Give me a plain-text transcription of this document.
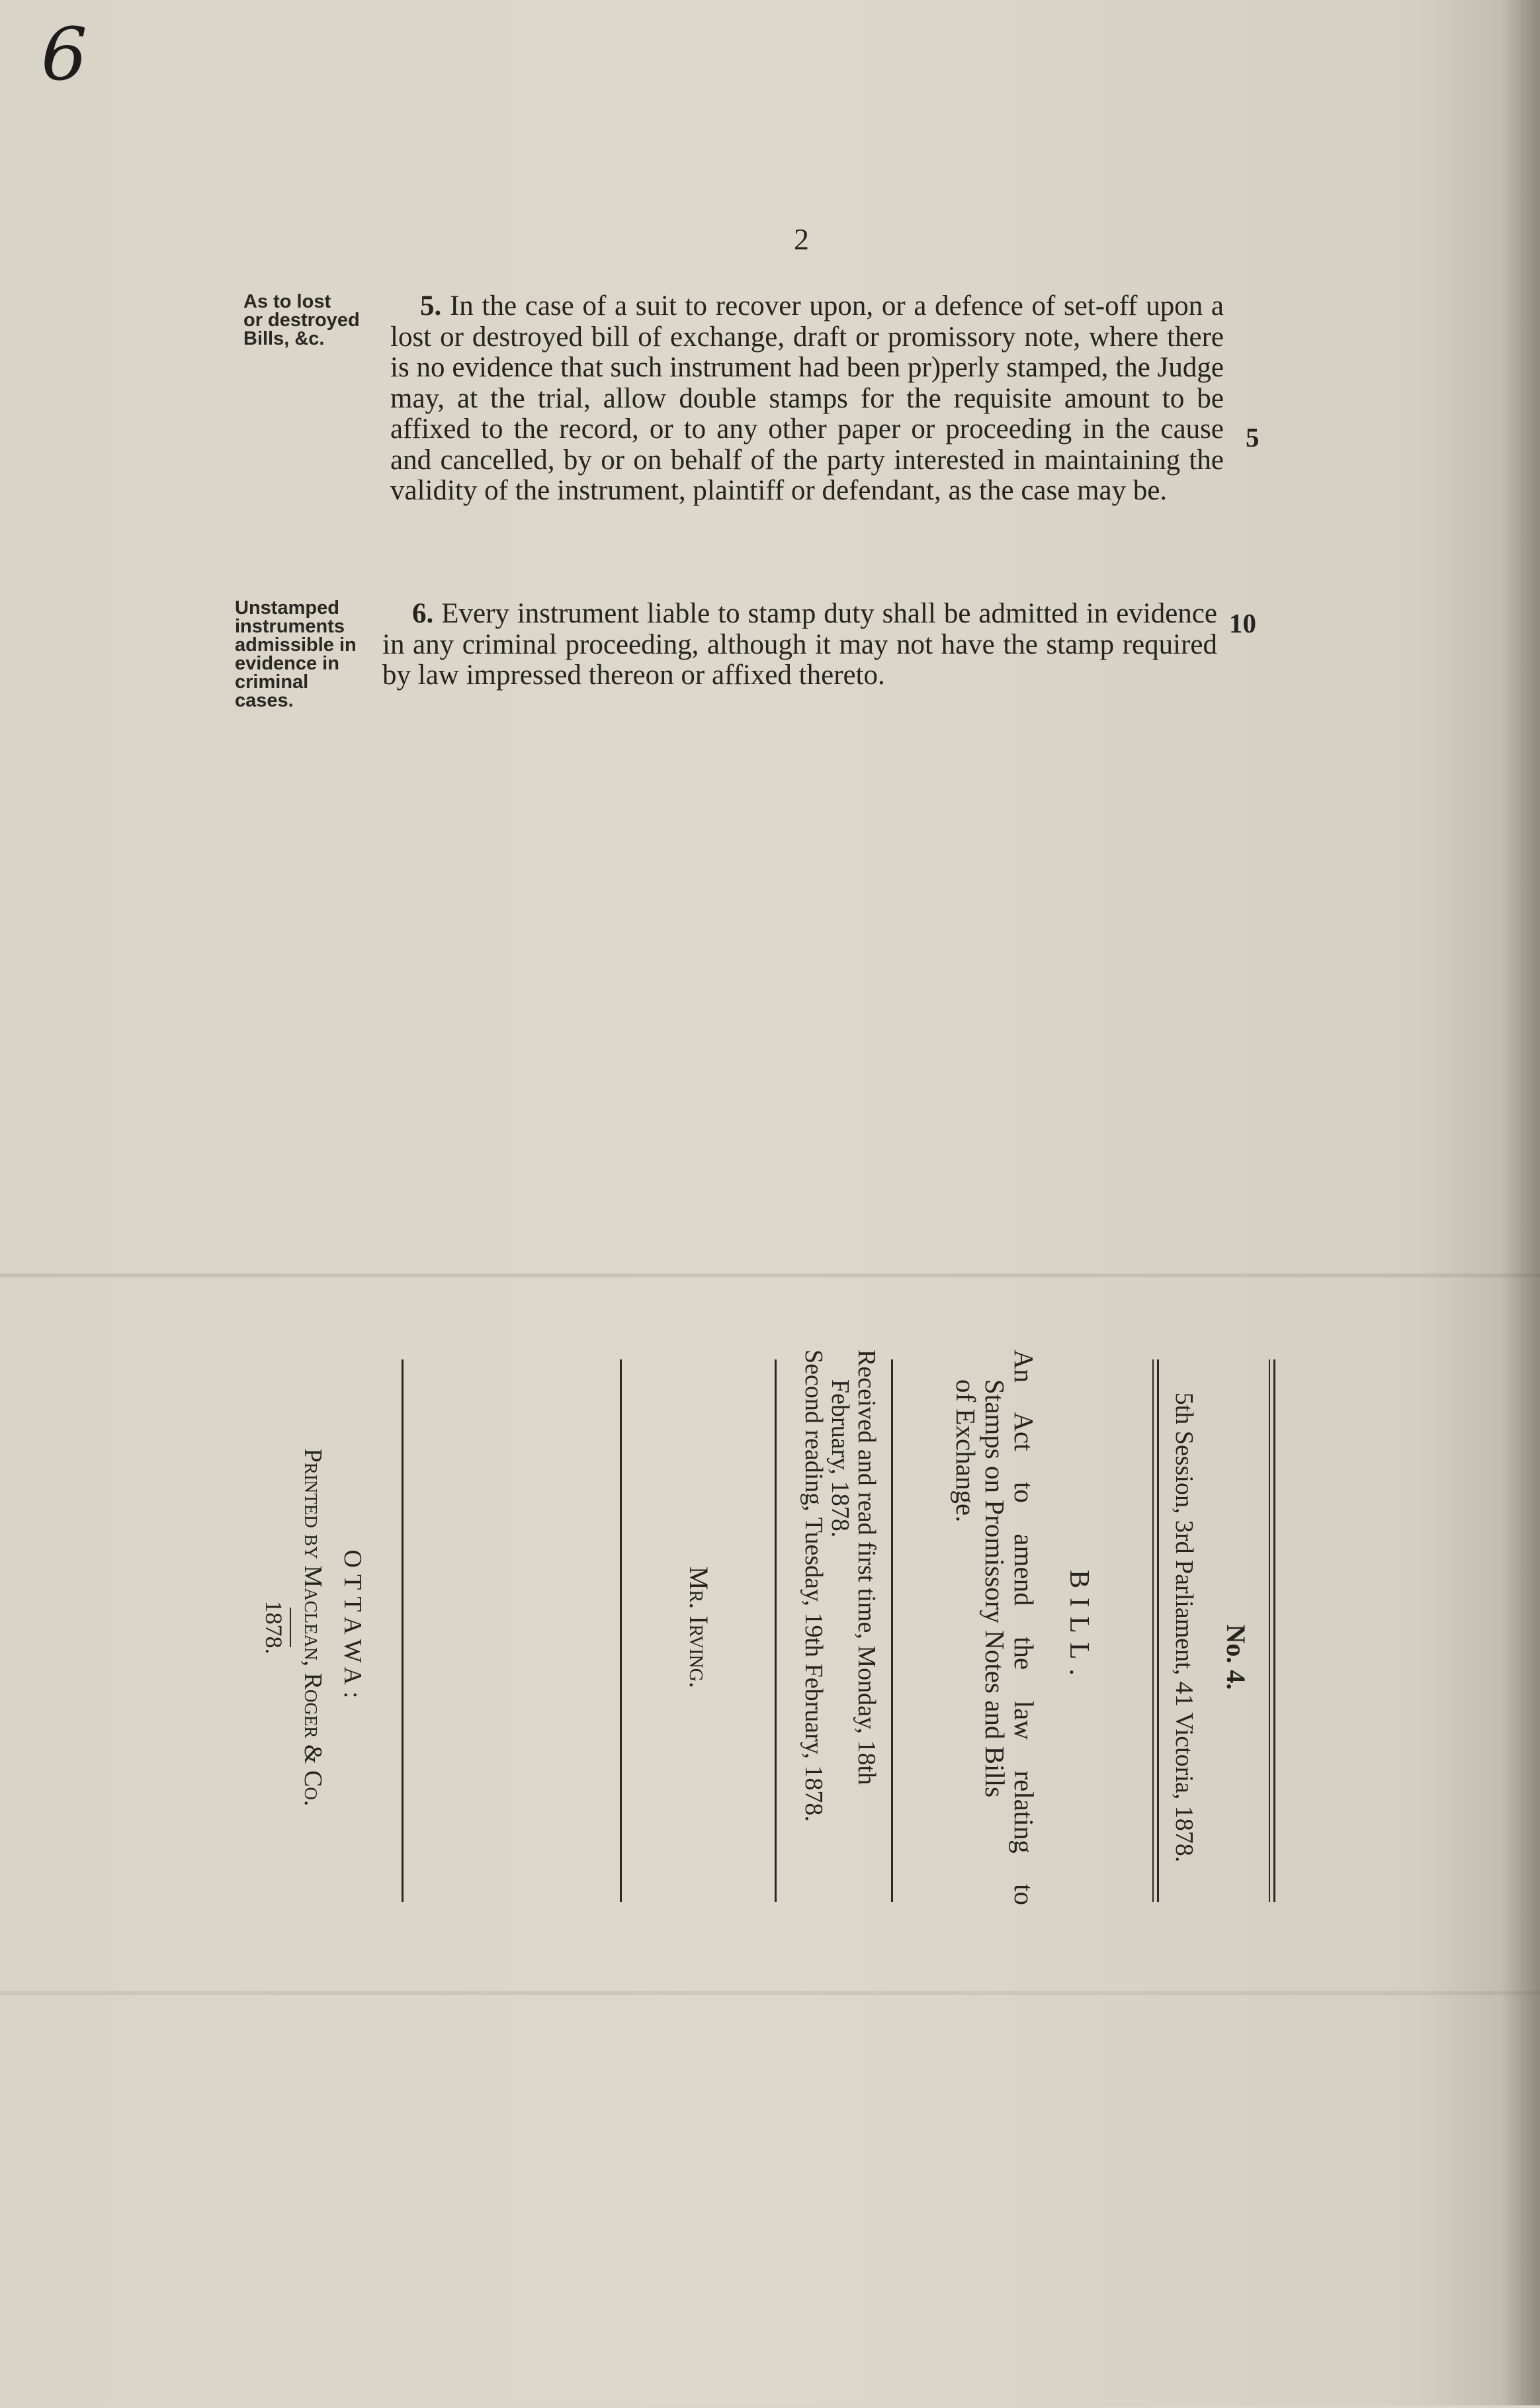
6
2
As to lost
or destroyed
Bills, &c.
5. In the case of a suit to recover upon, or a defence of set-off upon a lost or destroyed bill of exchange, draft or promissory note, where there is no evidence that such instrument had been pr)perly stamped, the Judge may, at the trial, allow double stamps for the requisite amount to be affixed to the record, or to any other paper or proceeding in the cause and cancelled, by or on behalf of the party interested in maintaining the validity of the instrument, plaintiff or defendant, as the case may be.
5
Unstamped
instruments
admissible in
evidence in
criminal
cases.
6. Every instrument liable to stamp duty shall be admitted in evidence in any criminal proceeding, although it may not have the stamp required by law impressed thereon or affixed thereto.
10
No. 4.
5th Session, 3rd Parliament, 41 Victoria, 1878.
BILL.
An Act to amend the law relating to
Stamps on Promissory Notes and Bills
of Exchange.
Received and read first time, Monday, 18th
February, 1878.
Second reading, Tuesday, 19th February, 1878.
Mr. Irving.
OTTAWA:
Printed by Maclean, Roger & Co.
1878.
